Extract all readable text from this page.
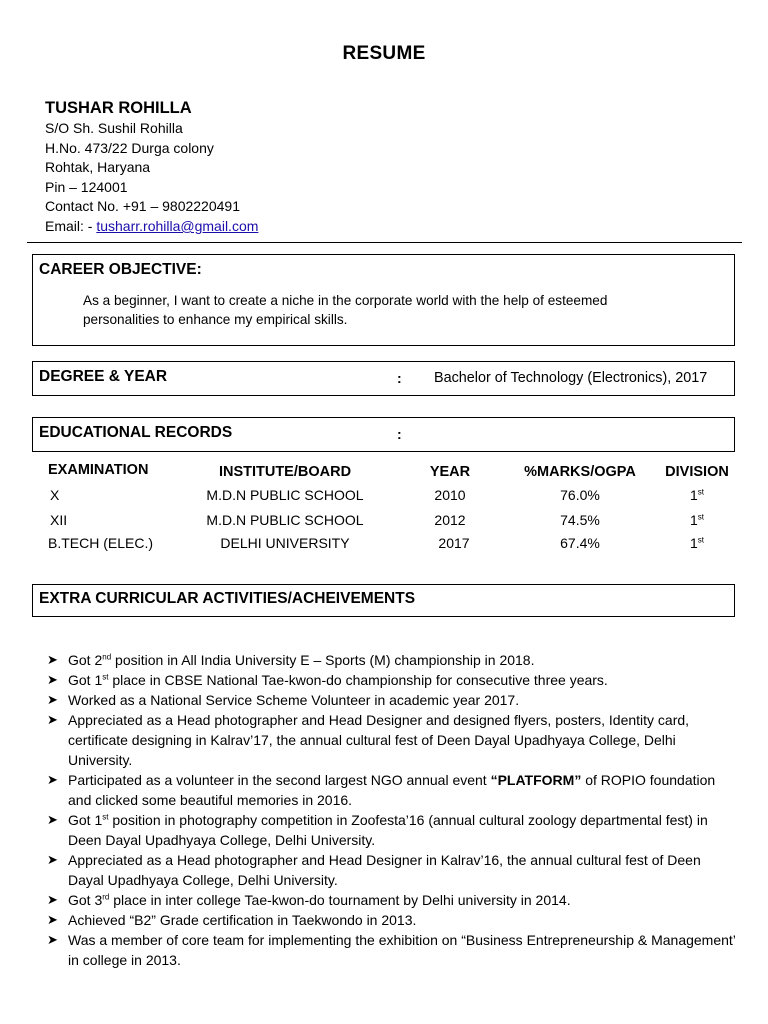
RESUME
TUSHAR ROHILLA
S/O Sh. Sushil Rohilla
H.No. 473/22 Durga colony
Rohtak, Haryana
Pin – 124001
Contact No. +91 – 9802220491
Email: - tusharr.rohilla@gmail.com
CAREER OBJECTIVE:
As a beginner, I want to create a niche in the corporate world with the help of esteemed personalities to enhance my empirical skills.
DEGREE & YEAR	: Bachelor of Technology (Electronics), 2017
EDUCATIONAL RECORDS	:
EXAMINATION	INSTITUTE/BOARD	YEAR	%MARKS/OGPA	DIVISION
X	M.D.N PUBLIC SCHOOL	2010	76.0%	1st
XII	M.D.N PUBLIC SCHOOL	2012	74.5%	1st
B.TECH (ELEC.)	DELHI UNIVERSITY	2017	67.4%	1st
EXTRA CURRICULAR ACTIVITIES/ACHEIVEMENTS
➤ Got 2nd position in All India University E – Sports (M) championship in 2018.
➤ Got 1st place in CBSE National Tae-kwon-do championship for consecutive three years.
➤ Worked as a National Service Scheme Volunteer in academic year 2017.
➤ Appreciated as a Head photographer and Head Designer and designed flyers, posters, Identity card, certificate designing in Kalrav’17, the annual cultural fest of Deen Dayal Upadhyaya College, Delhi University.
➤ Participated as a volunteer in the second largest NGO annual event “PLATFORM” of ROPIO foundation and clicked some beautiful memories in 2016.
➤ Got 1st position in photography competition in Zoofesta’16 (annual cultural zoology departmental fest) in Deen Dayal Upadhyaya College, Delhi University.
➤ Appreciated as a Head photographer and Head Designer in Kalrav’16, the annual cultural fest of Deen Dayal Upadhyaya College, Delhi University.
➤ Got 3rd place in inter college Tae-kwon-do tournament by Delhi university in 2014.
➤ Achieved “B2” Grade certification in Taekwondo in 2013.
➤ Was a member of core team for implementing the exhibition on “Business Entrepreneurship & Management’ in college in 2013.
